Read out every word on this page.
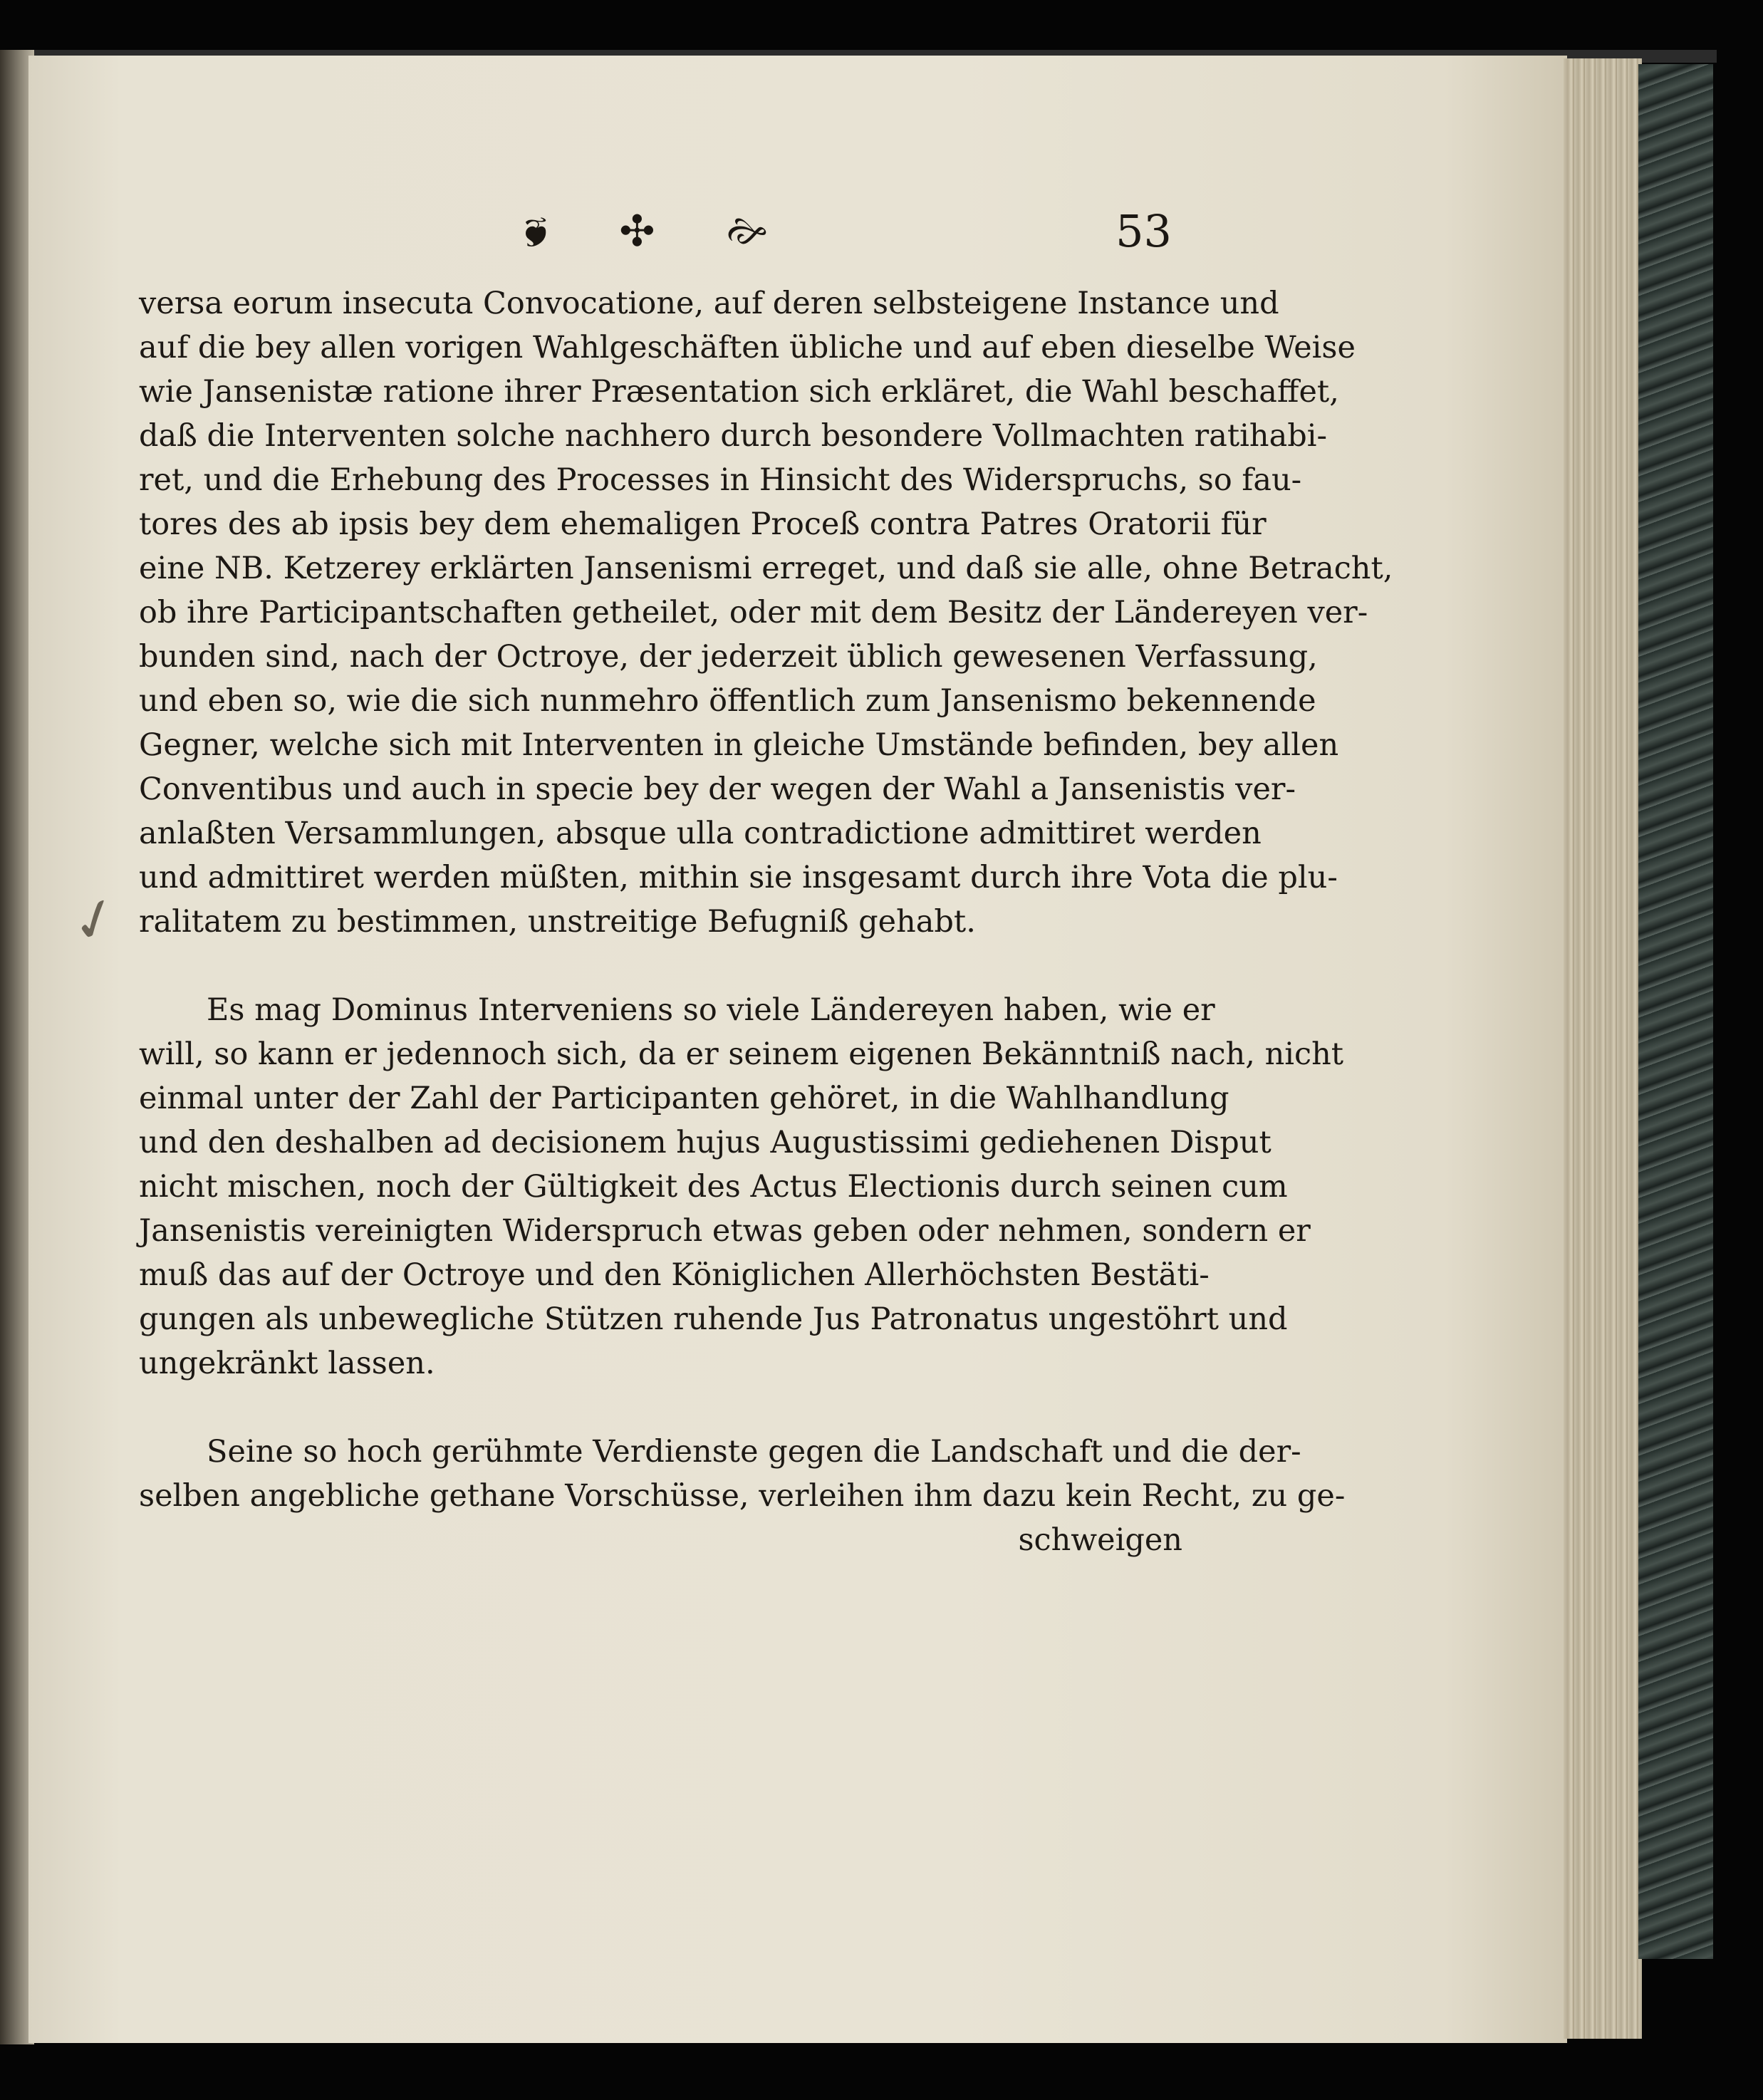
🙘 ✣ 🙚	53
✓
versa eorum insecuta Convocatione, auf deren selbsteigene Instance und
auf die bey allen vorigen Wahlgeschäften übliche und auf eben dieselbe Weise
wie Jansenistæ ratione ihrer Præsentation sich erkläret, die Wahl beschaffet,
daß die Interventen solche nachhero durch besondere Vollmachten ratihabi-
ret, und die Erhebung des Processes in Hinsicht des Widerspruchs, so fau-
tores des ab ipsis bey dem ehemaligen Proceß contra Patres Oratorii für
eine NB. Ketzerey erklärten Jansenismi erreget, und daß sie alle, ohne Betracht,
ob ihre Participantschaften getheilet, oder mit dem Besitz der Ländereyen ver-
bunden sind, nach der Octroye, der jederzeit üblich gewesenen Verfassung,
und eben so, wie die sich nunmehro öffentlich zum Jansenismo bekennende
Gegner, welche sich mit Interventen in gleiche Umstände befinden, bey allen
Conventibus und auch in specie bey der wegen der Wahl a Jansenistis ver-
anlaßten Versammlungen, absque ulla contradictione admittiret werden
und admittiret werden müßten, mithin sie insgesamt durch ihre Vota die plu-
ralitatem zu bestimmen, unstreitige Befugniß gehabt.
Es mag Dominus Interveniens so viele Ländereyen haben, wie er
will, so kann er jedennoch sich, da er seinem eigenen Bekänntniß nach, nicht
einmal unter der Zahl der Participanten gehöret, in die Wahlhandlung
und den deshalben ad decisionem hujus Augustissimi gediehenen Disput
nicht mischen, noch der Gültigkeit des Actus Electionis durch seinen cum
Jansenistis vereinigten Widerspruch etwas geben oder nehmen, sondern er
muß das auf der Octroye und den Königlichen Allerhöchsten Bestäti-
gungen als unbewegliche Stützen ruhende Jus Patronatus ungestöhrt und
ungekränkt lassen.
Seine so hoch gerühmte Verdienste gegen die Landschaft und die der-
selben angebliche gethane Vorschüsse, verleihen ihm dazu kein Recht, zu ge-
schweigen
